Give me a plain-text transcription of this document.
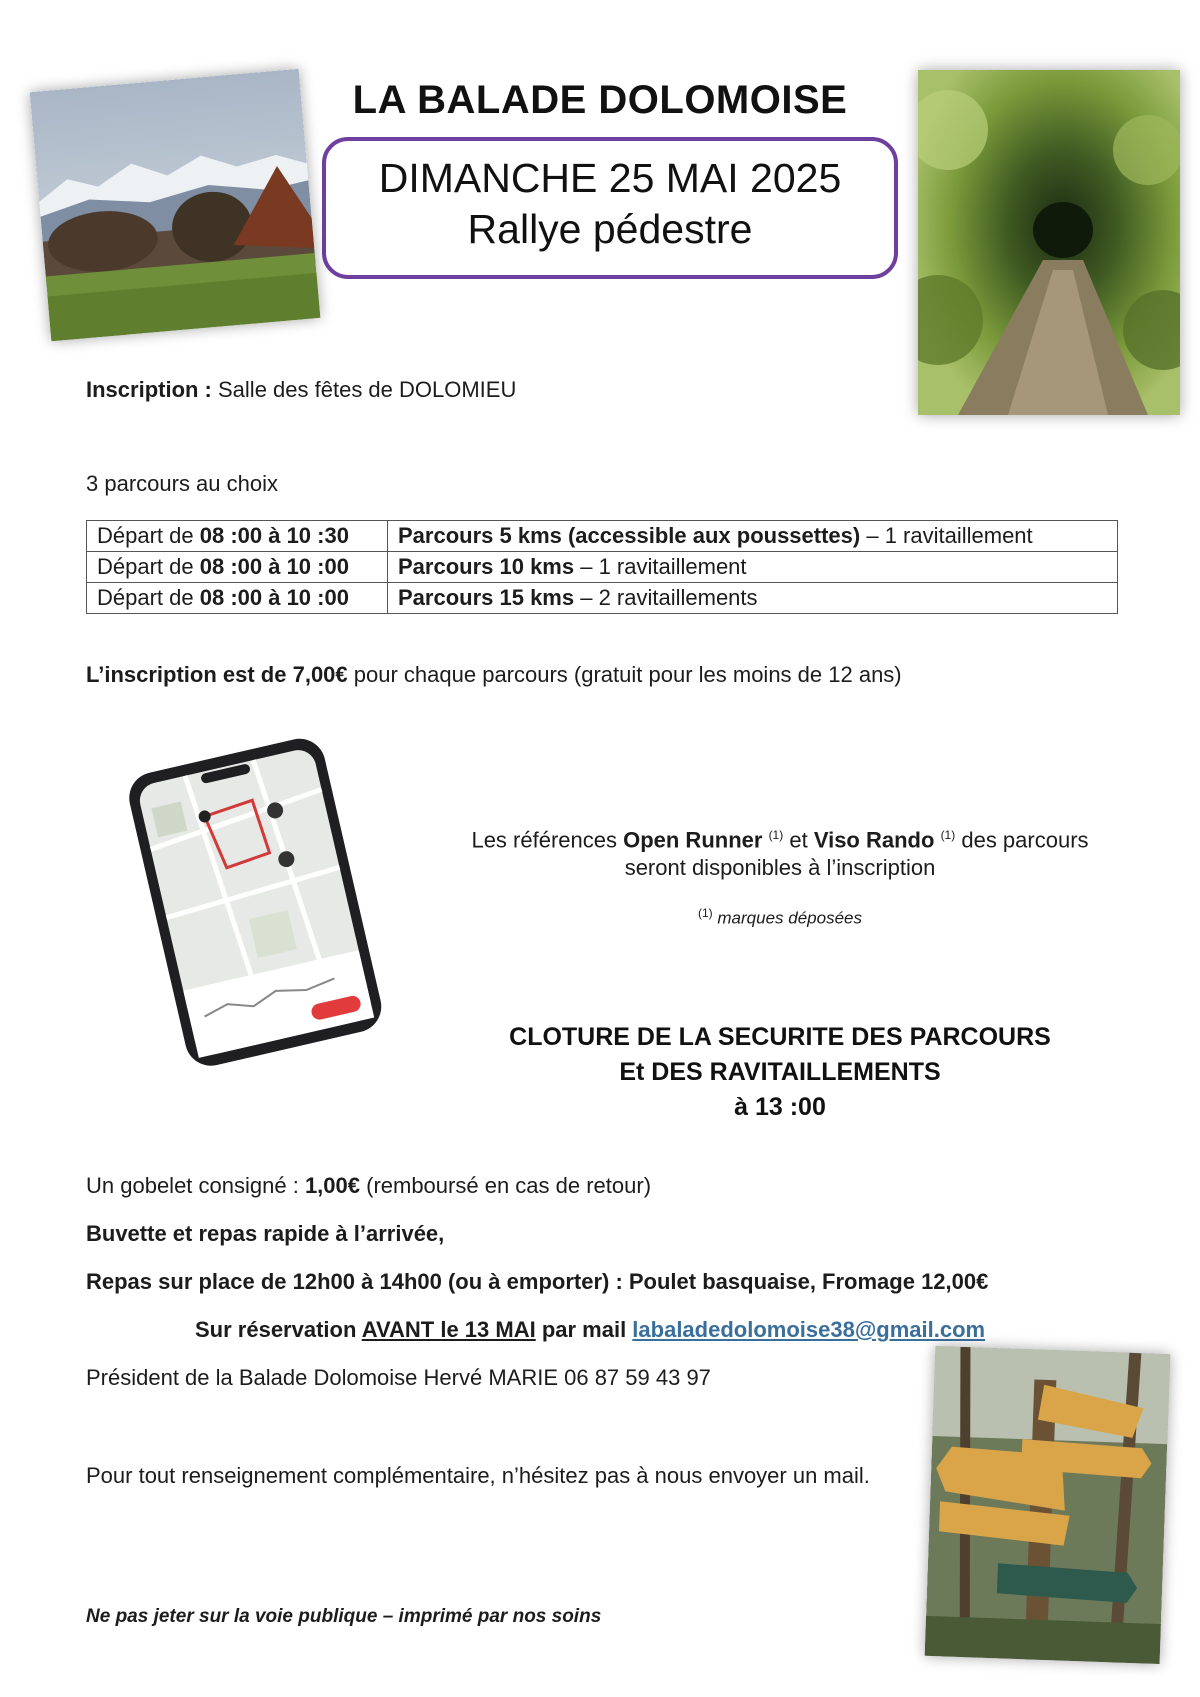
LA BALADE DOLOMOISE
DIMANCHE 25 MAI 2025
Rallye pédestre
Inscription : Salle des fêtes de DOLOMIEU
3 parcours au choix
Départ de 08 :00 à 10 :30	Parcours 5 kms (accessible aux poussettes) – 1 ravitaillement
Départ de 08 :00 à 10 :00	Parcours 10 kms – 1 ravitaillement
Départ de 08 :00 à 10 :00	Parcours 15 kms – 2 ravitaillements
L’inscription est de 7,00€ pour chaque parcours (gratuit pour les moins de 12 ans)
Les références Open Runner $^{(1)}$ et Viso Rando $^{(1)}$ des parcours
seront disponibles à l’inscription
$^{(1)}$ marques déposées
CLOTURE DE LA SECURITE DES PARCOURS
Et DES RAVITAILLEMENTS
à 13 :00
Un gobelet consigné : 1,00€ (remboursé en cas de retour)
Buvette et repas rapide à l’arrivée,
Repas sur place de 12h00 à 14h00 (ou à emporter) : Poulet basquaise, Fromage 12,00€
Sur réservation AVANT le 13 MAI par mail labaladedolomoise38@gmail.com
Président de la Balade Dolomoise Hervé MARIE 06 87 59 43 97
Pour tout renseignement complémentaire, n’hésitez pas à nous envoyer un mail.
Ne pas jeter sur la voie publique – imprimé par nos soins
